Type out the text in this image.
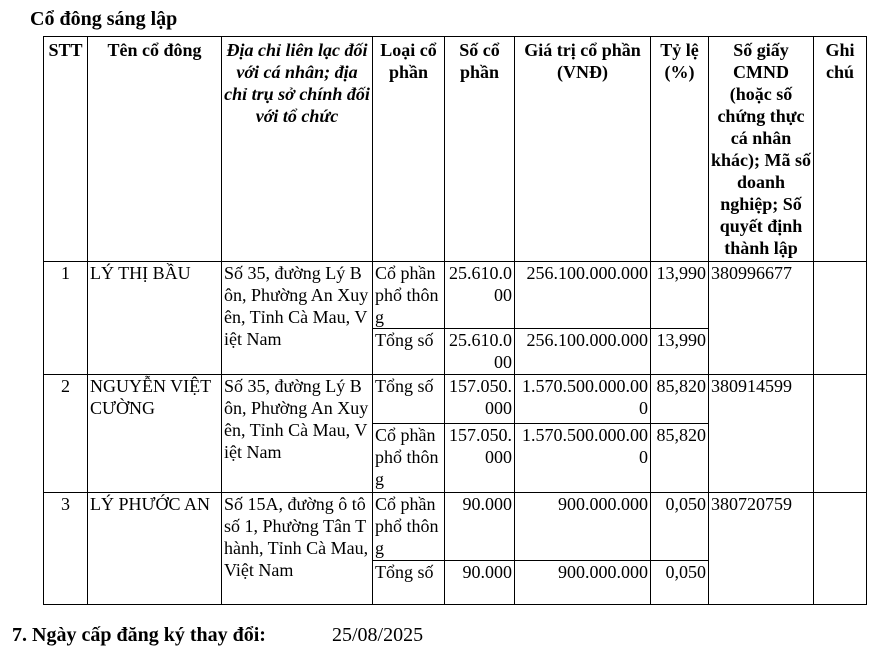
Cổ đông sáng lập
STT	Tên cổ đông	Địa chỉ liên lạc đối với cá nhân; địa chỉ trụ sở chính đối với tổ chức	Loại cổ phần	Số cổ phần	Giá trị cổ phần (VNĐ)	Tỷ lệ (%)	Số giấy CMND (hoặc số chứng thực cá nhân khác); Mã số doanh nghiệp; Số quyết định thành lập	Ghi chú
1	LÝ THỊ BẦU	Số 35, đường Lý Bôn, Phường An Xuyên, Tỉnh Cà Mau, Việt Nam	Cổ phần phổ thông	25.610.000	256.100.000.000	13,990	380996677	
			Tổng số	25.610.000	256.100.000.000	13,990		
2	NGUYỄN VIỆT CƯỜNG	Số 35, đường Lý Bôn, Phường An Xuyên, Tỉnh Cà Mau, Việt Nam	Tổng số	157.050.000	1.570.500.000.000	85,820	380914599	
			Cổ phần phổ thông	157.050.000	1.570.500.000.000	85,820		
3	LÝ PHƯỚC AN	Số 15A, đường ô tô số 1, Phường Tân Thành, Tỉnh Cà Mau, Việt Nam	Cổ phần phổ thông	90.000	900.000.000	0,050	380720759	
			Tổng số	90.000	900.000.000	0,050		
7. Ngày cấp đăng ký thay đổi:	25/08/2025
